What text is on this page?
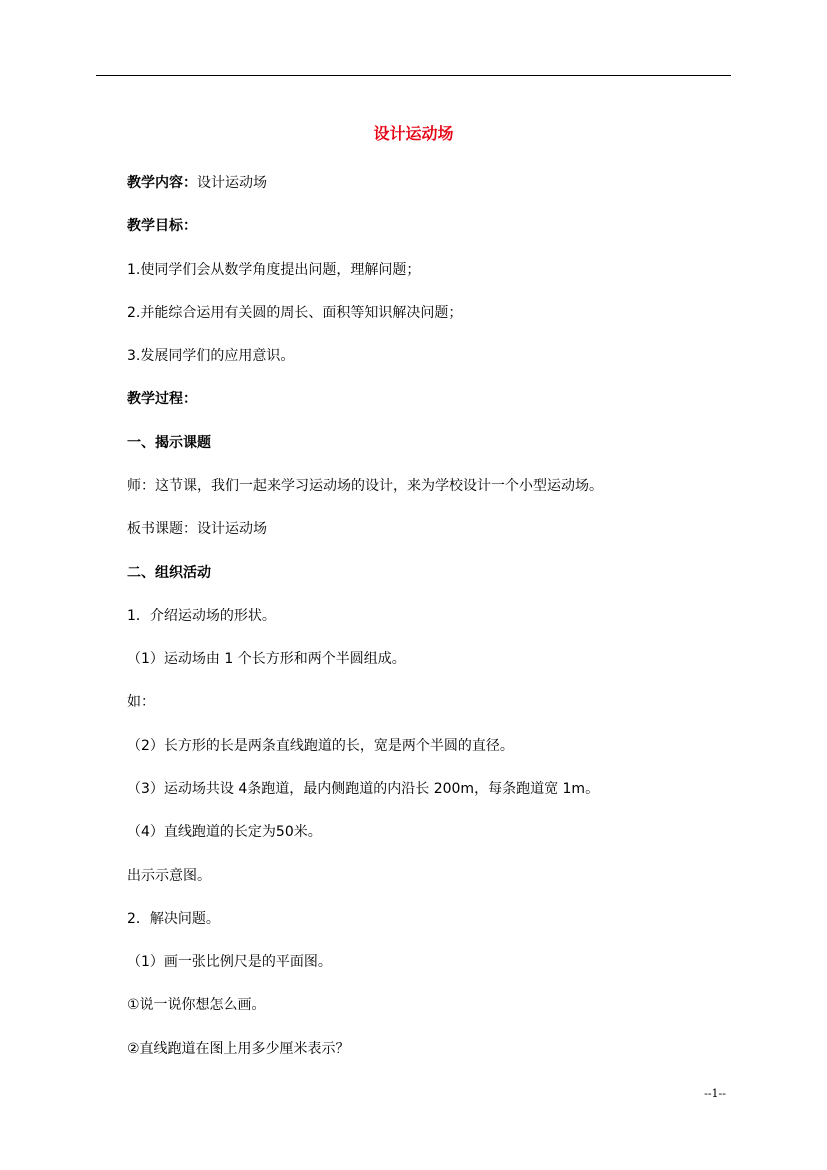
设计运动场
教学内容：设计运动场
教学目标：
1.使同学们会从数学角度提出问题，理解问题；
2.并能综合运用有关圆的周长、面积等知识解决问题；
3.发展同学们的应用意识。
教学过程：
一、揭示课题
师：这节课，我们一起来学习运动场的设计，来为学校设计一个小型运动场。
板书课题：设计运动场
二、组织活动
1．介绍运动场的形状。
（1）运动场由 1 个长方形和两个半圆组成。
如：
（2）长方形的长是两条直线跑道的长，宽是两个半圆的直径。
（3）运动场共设 4条跑道，最内侧跑道的内沿长 200m，每条跑道宽 1m。
（4）直线跑道的长定为50米。
出示示意图。
2．解决问题。
（1）画一张比例尺是的平面图。
①说一说你想怎么画。
②直线跑道在图上用多少厘米表示？
--1--
